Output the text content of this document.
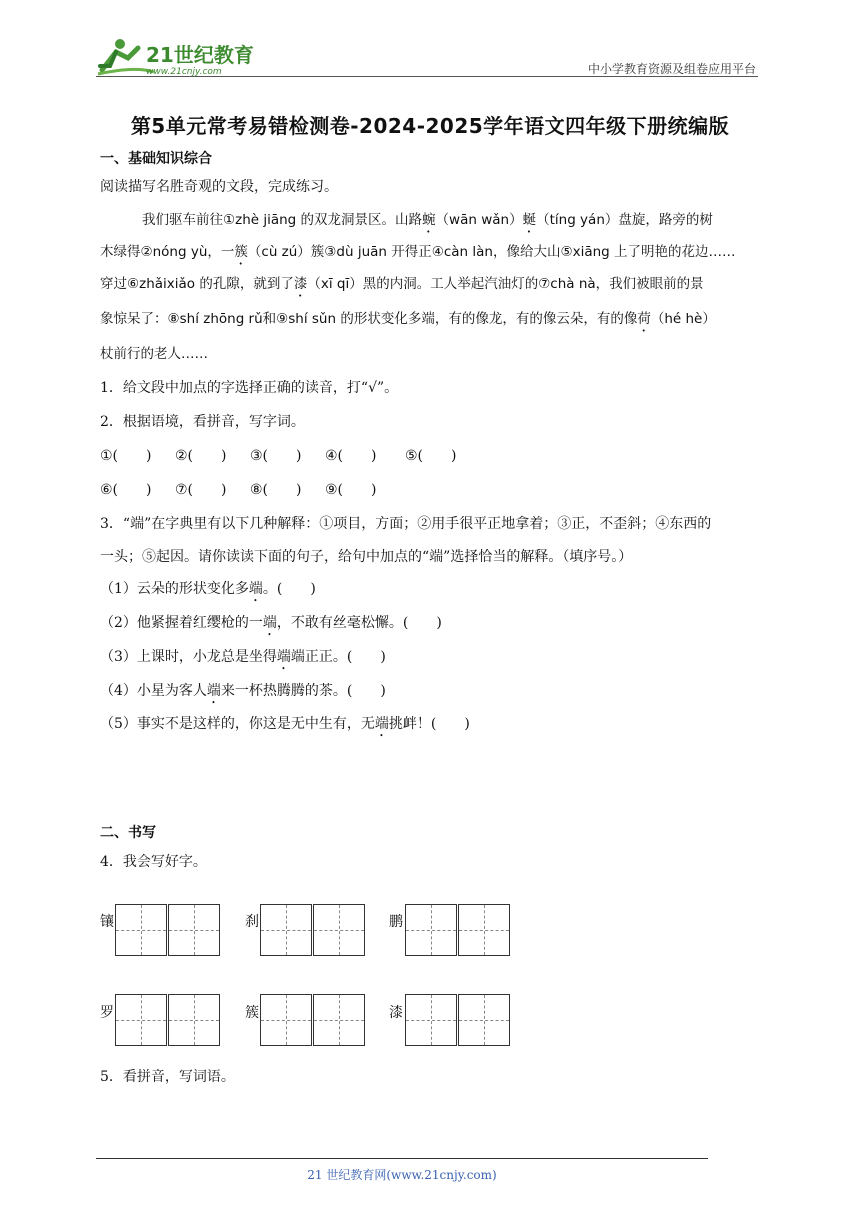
21世纪教育
www.21cnjy.com	中小学教育资源及组卷应用平台
第5单元常考易错检测卷-2024-2025学年语文四年级下册统编版
一、基础知识综合
阅读描写名胜奇观的文段，完成练习。
我们驱车前往①zhè jiāng 的双龙洞景区。山路蜿（wān wǎn）蜒（tíng yán）盘旋，路旁的树
木绿得②nóng yù，一簇（cù zú）簇③dù juān 开得正④càn làn，像给大山⑤xiāng 上了明艳的花边……
穿过⑥zhǎixiǎo 的孔隙，就到了漆（xī qī）黑的内洞。工人举起汽油灯的⑦chà nà，我们被眼前的景
象惊呆了：⑧shí zhōng rǔ和⑨shí sǔn 的形状变化多端，有的像龙，有的像云朵，有的像荷（hé hè）
杖前行的老人……
1．给文段中加点的字选择正确的读音，打“√”。
2．根据语境，看拼音，写字词。
①(　　) ②(　　) ③(　　) ④(　　) ⑤(　　)
⑥(　　) ⑦(　　) ⑧(　　) ⑨(　　)
3．“端”在字典里有以下几种解释：①项目，方面；②用手很平正地拿着；③正，不歪斜；④东西的
一头；⑤起因。请你读读下面的句子，给句中加点的“端”选择恰当的解释。（填序号。）
（1）云朵的形状变化多端。(　　)
（2）他紧握着红缨枪的一端，不敢有丝毫松懈。(　　)
（3）上课时，小龙总是坐得端端正正。(　　)
（4）小星为客人端来一杯热腾腾的茶。(　　)
（5）事实不是这样的，你这是无中生有，无端挑衅！(　　)
二、书写
4．我会写好字。
镶	刹	鹏
罗	簇	漆
5．看拼音，写词语。
21 世纪教育网(www.21cnjy.com)
